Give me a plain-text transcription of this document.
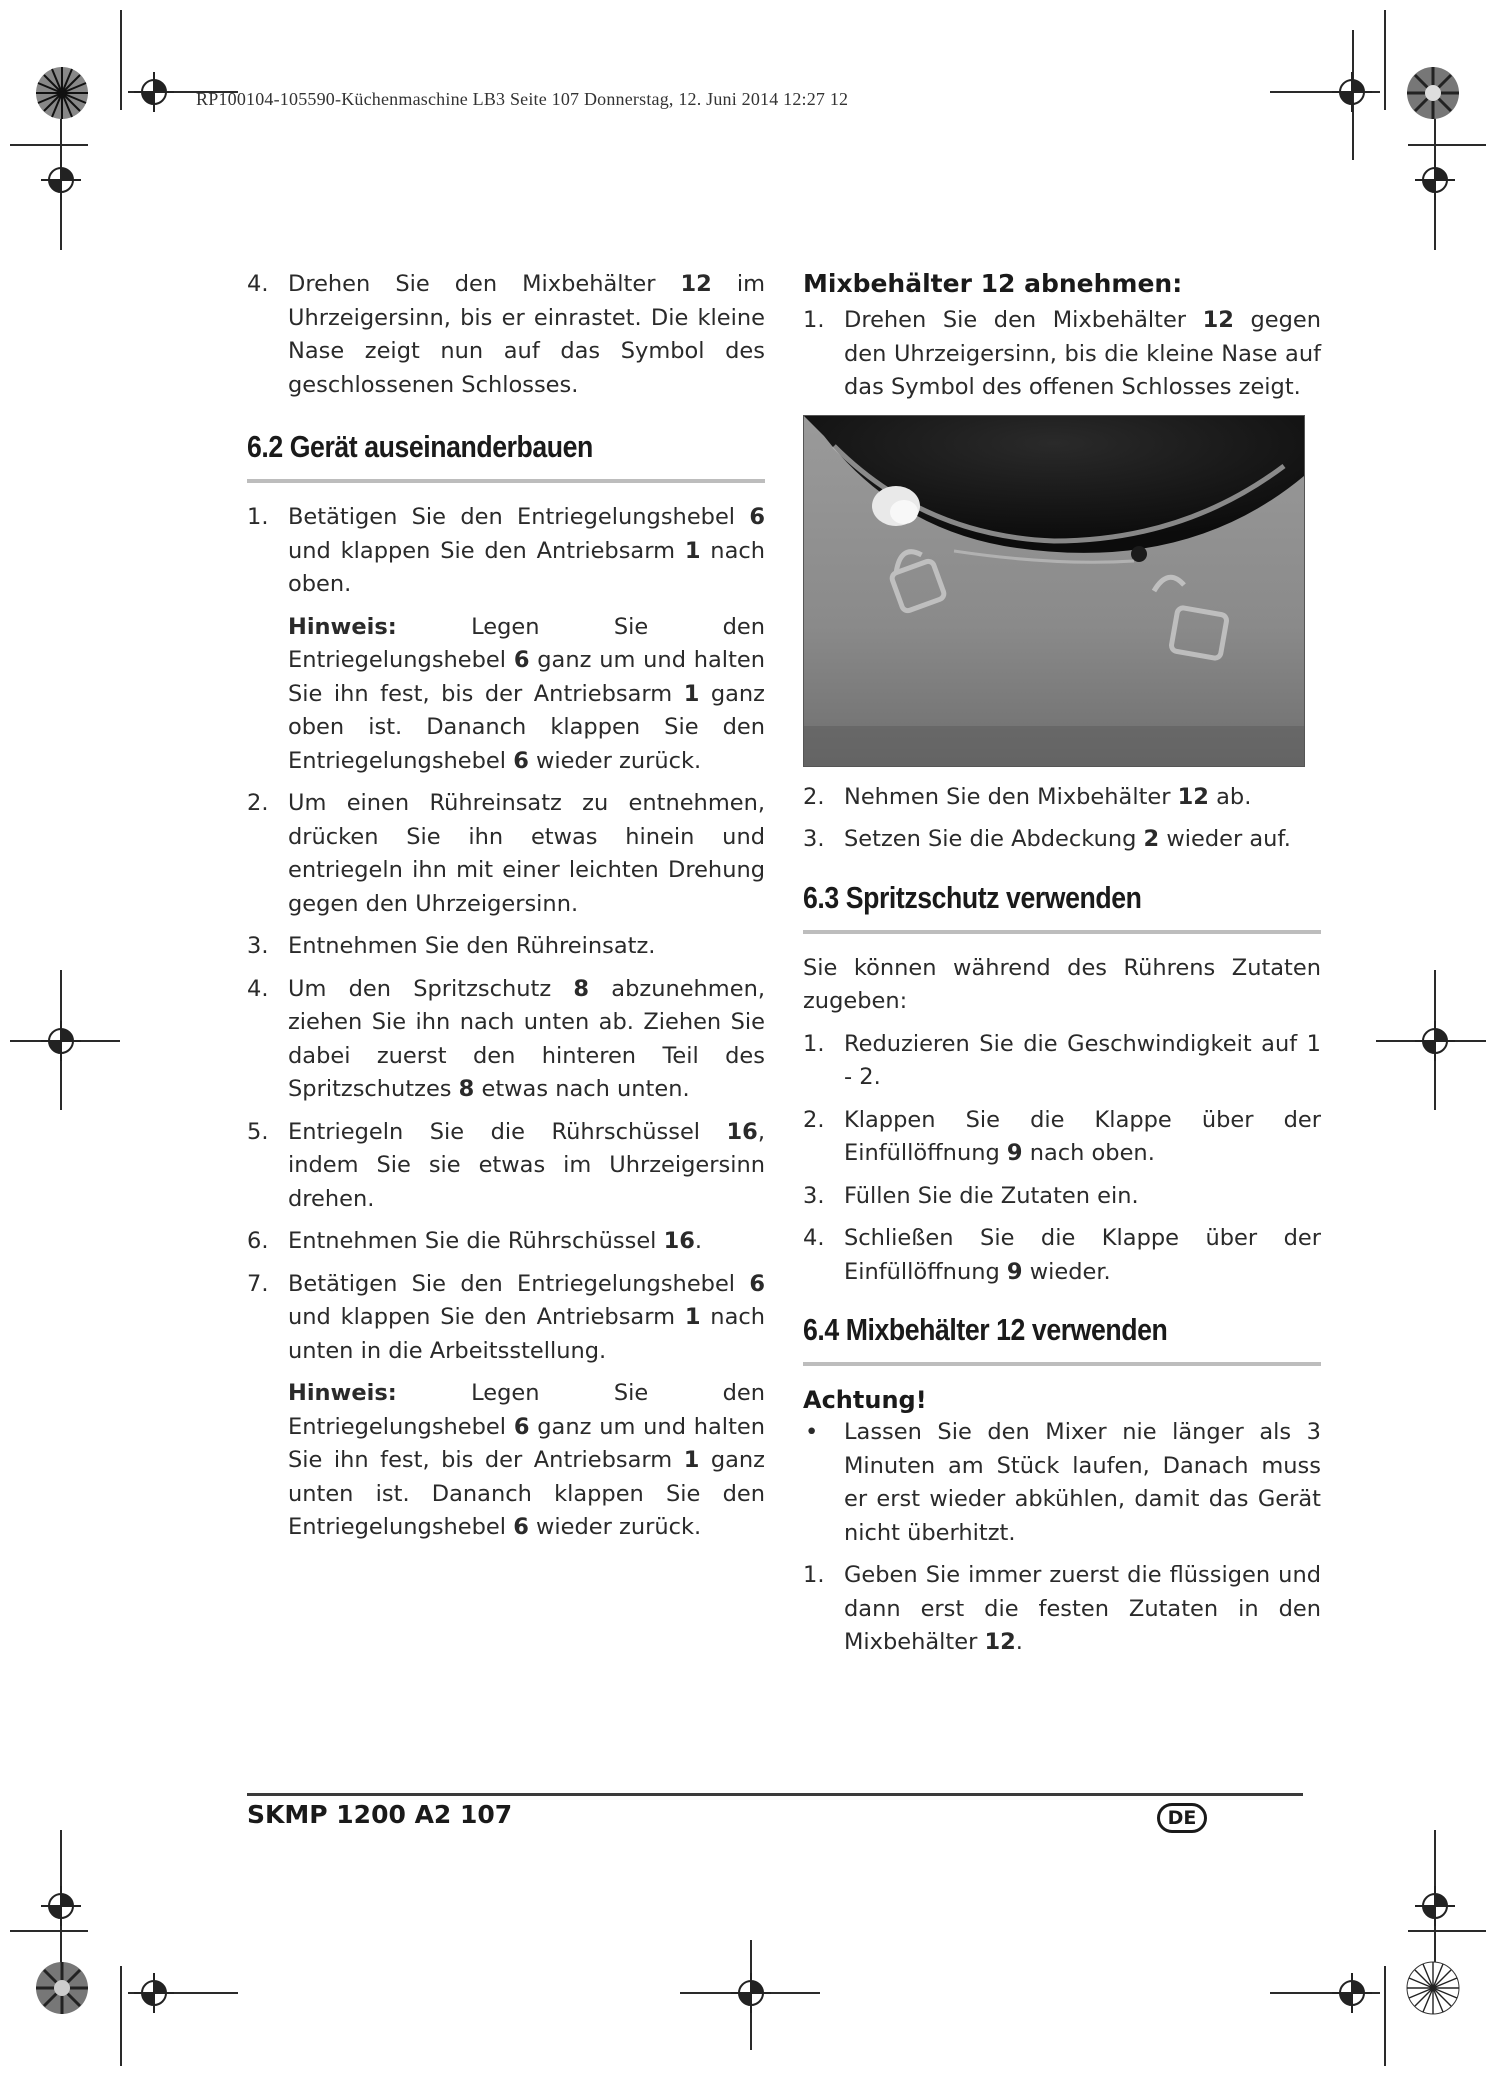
RP100104-105590-Küchenmaschine LB3 Seite 107 Donnerstag, 12. Juni 2014 12:27 12
4. Drehen Sie den Mixbehälter 12 im Uhrzeigersinn, bis er einrastet. Die kleine Nase zeigt nun auf das Symbol des geschlossenen Schlosses.
6.2 Gerät auseinanderbauen
1. Betätigen Sie den Entriegelungshebel 6 und klappen Sie den Antriebsarm 1 nach oben.

Hinweis: Legen Sie den Entriegelungshebel 6 ganz um und halten Sie ihn fest, bis der Antriebsarm 1 ganz oben ist. Dananch klappen Sie den Entriegelungshebel 6 wieder zurück.

2. Um einen Rühreinsatz zu entnehmen, drücken Sie ihn etwas hinein und entriegeln ihn mit einer leichten Drehung gegen den Uhrzeigersinn.
3. Entnehmen Sie den Rühreinsatz.
4. Um den Spritzschutz 8 abzunehmen, ziehen Sie ihn nach unten ab. Ziehen Sie dabei zuerst den hinteren Teil des Spritzschutzes 8 etwas nach unten.
5. Entriegeln Sie die Rührschüssel 16, indem Sie sie etwas im Uhrzeigersinn drehen.
6. Entnehmen Sie die Rührschüssel 16.
7. Betätigen Sie den Entriegelungshebel 6 und klappen Sie den Antriebsarm 1 nach unten in die Arbeitsstellung.

Hinweis: Legen Sie den Entriegelungshebel 6 ganz um und halten Sie ihn fest, bis der Antriebsarm 1 ganz unten ist. Dananch klappen Sie den Entriegelungshebel 6 wieder zurück.

Mixbehälter 12 abnehmen:
1. Drehen Sie den Mixbehälter 12 gegen den Uhrzeigersinn, bis die kleine Nase auf das Symbol des offenen Schlosses zeigt.
2. Nehmen Sie den Mixbehälter 12 ab.
3. Setzen Sie die Abdeckung 2 wieder auf.
6.3 Spritzschutz verwenden

Sie können während des Rührens Zutaten zugeben:

1. Reduzieren Sie die Geschwindigkeit auf 1 - 2.
2. Klappen Sie die Klappe über der Einfüllöffnung 9 nach oben.
3. Füllen Sie die Zutaten ein.
4. Schließen Sie die Klappe über der Einfüllöffnung 9 wieder.
6.4 Mixbehälter 12 verwenden
Achtung!
• Lassen Sie den Mixer nie länger als 3 Minuten am Stück laufen, Danach muss er erst wieder abkühlen, damit das Gerät nicht überhitzt.
1. Geben Sie immer zuerst die flüssigen und dann erst die festen Zutaten in den Mixbehälter 12.
SKMP 1200 A2 107	DE
